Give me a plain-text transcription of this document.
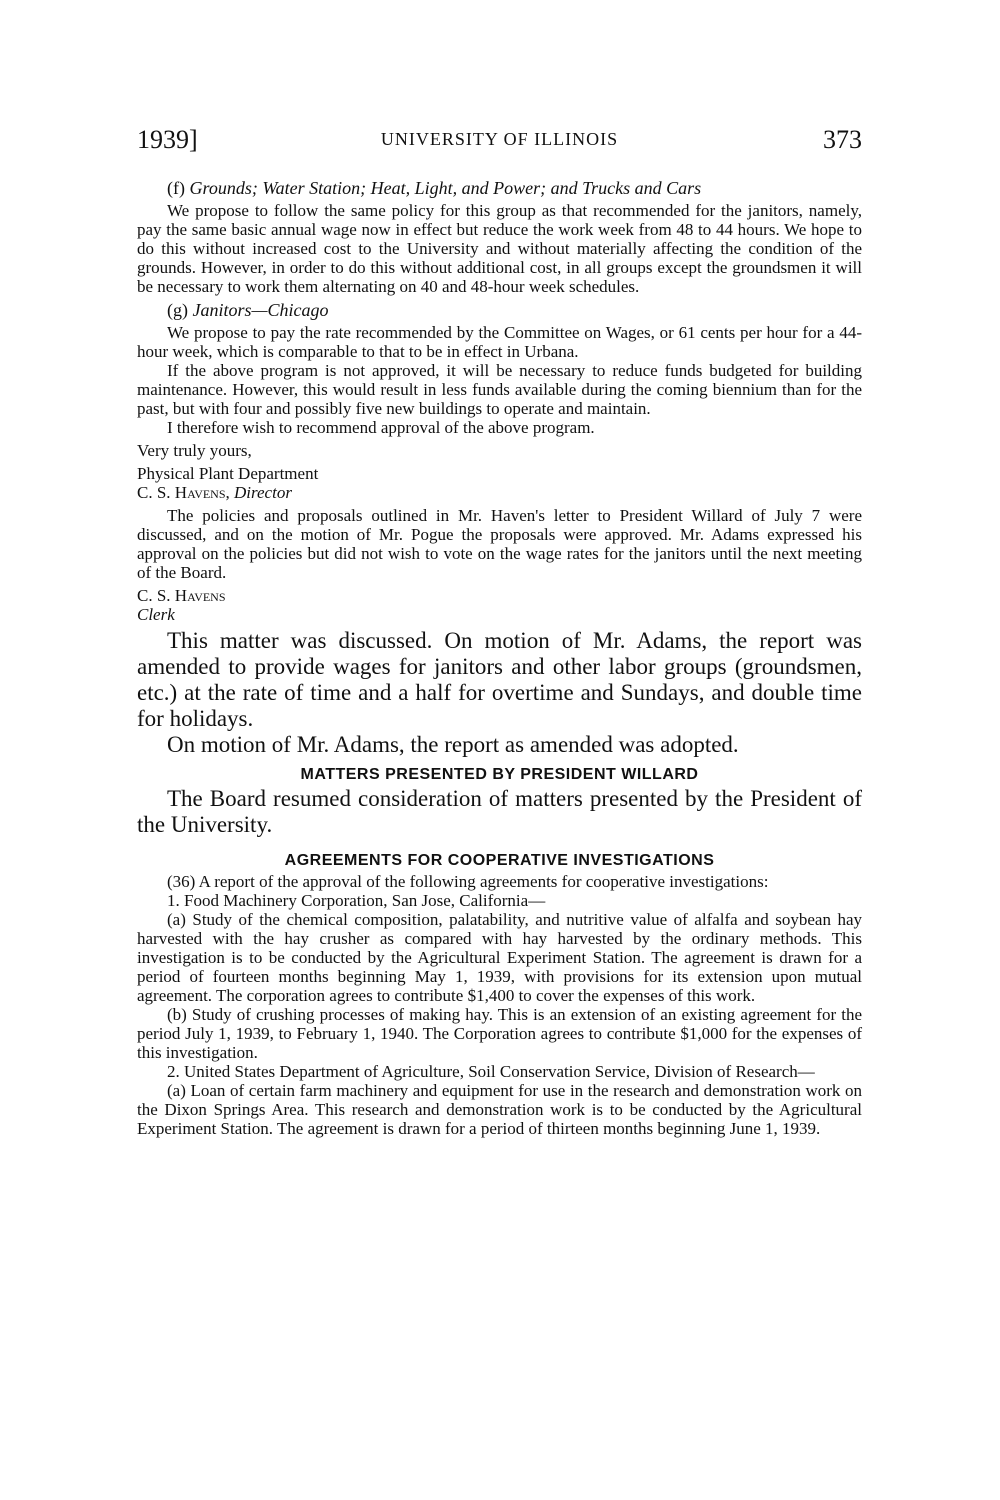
1939]	UNIVERSITY OF ILLINOIS	373

(f) Grounds; Water Station; Heat, Light, and Power; and Trucks and Cars

We propose to follow the same policy for this group as that recommended for the janitors, namely, pay the same basic annual wage now in effect but reduce the work week from 48 to 44 hours. We hope to do this without increased cost to the University and without materially affecting the condition of the grounds. However, in order to do this without additional cost, in all groups except the groundsmen it will be necessary to work them alternating on 40 and 48-hour week schedules.

(g) Janitors—Chicago

We propose to pay the rate recommended by the Committee on Wages, or 61 cents per hour for a 44-hour week, which is comparable to that to be in effect in Urbana.

If the above program is not approved, it will be necessary to reduce funds budgeted for building maintenance. However, this would result in less funds available during the coming biennium than for the past, but with four and possibly five new buildings to operate and maintain.

I therefore wish to recommend approval of the above program.

Very truly yours,

Physical Plant Department

C. S. Havens, Director

The policies and proposals outlined in Mr. Haven's letter to President Willard of July 7 were discussed, and on the motion of Mr. Pogue the proposals were approved. Mr. Adams expressed his approval on the policies but did not wish to vote on the wage rates for the janitors until the next meeting of the Board.

C. S. Havens

Clerk

This matter was discussed. On motion of Mr. Adams, the report was amended to provide wages for janitors and other labor groups (groundsmen, etc.) at the rate of time and a half for overtime and Sundays, and double time for holidays.

On motion of Mr. Adams, the report as amended was adopted.

MATTERS PRESENTED BY PRESIDENT WILLARD

The Board resumed consideration of matters presented by the President of the University.

AGREEMENTS FOR COOPERATIVE INVESTIGATIONS

(36) A report of the approval of the following agreements for cooperative investigations:

1. Food Machinery Corporation, San Jose, California—

(a) Study of the chemical composition, palatability, and nutritive value of alfalfa and soybean hay harvested with the hay crusher as compared with hay harvested by the ordinary methods. This investigation is to be conducted by the Agricultural Experiment Station. The agreement is drawn for a period of fourteen months beginning May 1, 1939, with provisions for its extension upon mutual agreement. The corporation agrees to contribute $1,400 to cover the expenses of this work.

(b) Study of crushing processes of making hay. This is an extension of an existing agreement for the period July 1, 1939, to February 1, 1940. The Corporation agrees to contribute $1,000 for the expenses of this investigation.

2. United States Department of Agriculture, Soil Conservation Service, Division of Research—

(a) Loan of certain farm machinery and equipment for use in the research and demonstration work on the Dixon Springs Area. This research and demonstration work is to be conducted by the Agricultural Experiment Station. The agreement is drawn for a period of thirteen months beginning June 1, 1939.
